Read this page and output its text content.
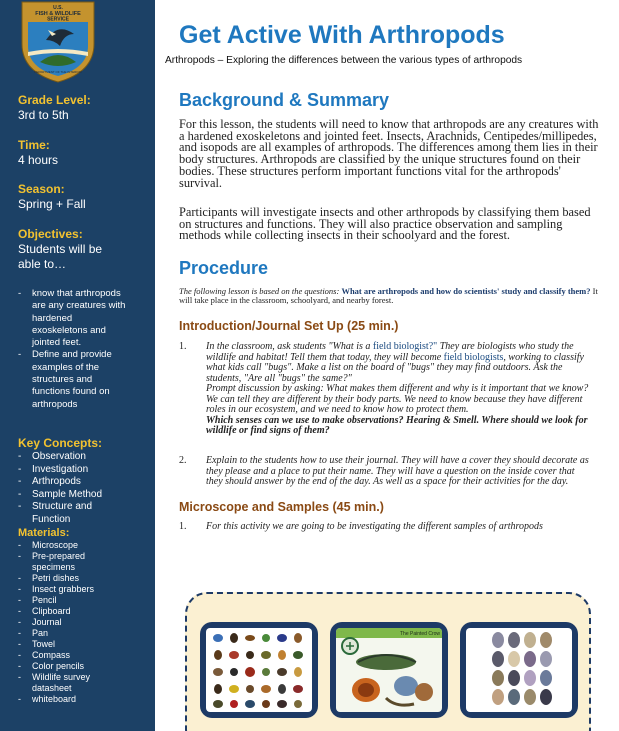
U.S.
FISH & WILDLIFE
SERVICE
DEPARTMENT OF THE INTERIOR
Grade Level:
3rd to 5th
Time:
4 hours
Season:
Spring + Fall
Objectives:
Students will be able to…
- know that arthropods are any creatures with hardened exoskeletons and jointed feet.
- Define and provide examples of the structures and functions found on arthropods
Key Concepts:
- Observation
- Investigation
- Arthropods
- Sample Method
- Structure and Function
Materials:
- Microscope
- Pre-prepared specimens
- Petri dishes
- Insect grabbers
- Pencil
- Clipboard
- Journal
- Pan
- Towel
- Compass
- Color pencils
- Wildlife survey datasheet
- whiteboard
Get Active With Arthropods
Arthropods – Exploring the differences between the various types of arthropods
Background & Summary
For this lesson, the students will need to know that arthropods are any creatures with a hardened exoskeletons and jointed feet. Insects, Arachnids, Centipedes/millipedes, and isopods are all examples of arthropods. The differences among them lies in their body structures. Arthropods are classified by the unique structures found on their bodies. These structures perform important functions vital for the arthropods' survival.
Participants will investigate insects and other arthropods by classifying them based on structures and functions. They will also practice observation and sampling methods while collecting insects in their schoolyard and the forest.
Procedure
The following lesson is based on the questions: What are arthropods and how do scientists' study and classify them? It will take place in the classroom, schoolyard, and nearby forest.
Introduction/Journal Set Up (25 min.)
1. In the classroom, ask students "What is a field biologist?" They are biologists who study the wildlife and habitat! Tell them that today, they will become field biologists, working to classify what kids call "bugs". Make a list on the board of "bugs" they may find outdoors. Ask the students, "Are all "bugs" the same?"
Prompt discussion by asking: What makes them different and why is it important that we know? We can tell they are different by their body parts. We need to know because they have different roles in our ecosystem, and we need to know how to protect them.
Which senses can we use to make observations? Hearing & Smell. Where should we look for wildlife or find signs of them?
2. Explain to the students how to use their journal. They will have a cover they should decorate as they please and a place to put their name. They will have a question on the inside cover that they should answer by the end of the day. As well as a space for their activities for the day.
Microscope and Samples (45 min.)
1. For this activity we are going to be investigating the different samples of arthropods
The Painted Crow
